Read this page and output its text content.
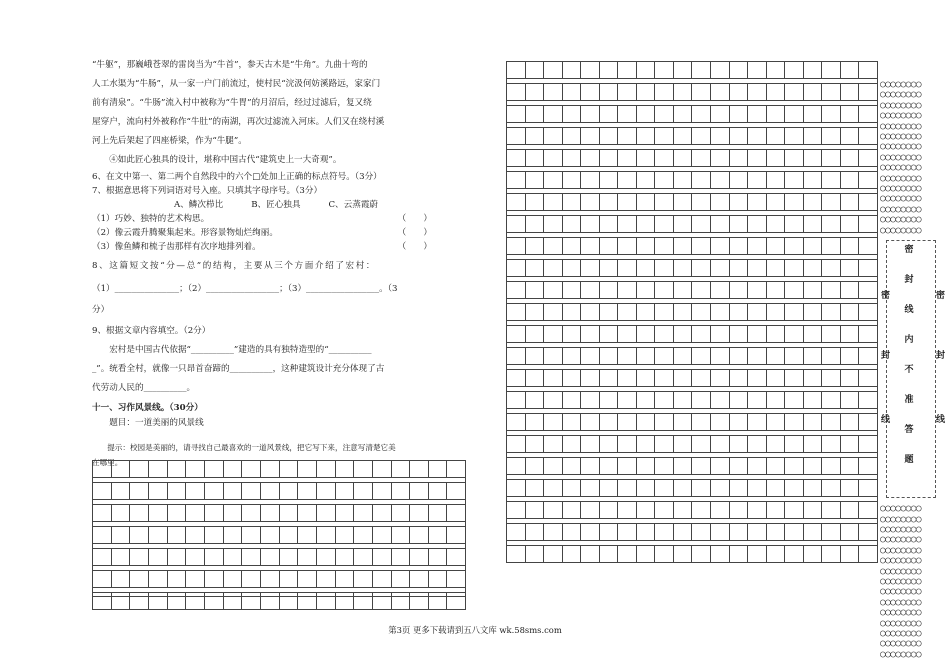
“牛躯”，那巍峨苍翠的雷岗当为“牛首”，参天古木是“牛角”。九曲十弯的
人工水渠为“牛肠”，从一家一户门前流过，使村民“浣汲何妨溪路远，家家门
前有清泉”。“牛肠”流入村中被称为“牛胃”的月沼后，经过过滤后，复又绕
屋穿户，流向村外被称作“牛肚”的南湖，再次过滤流入河床。人们又在绕村溪
河上先后架起了四座桥梁，作为“牛腿”。
④如此匠心独具的设计，堪称中国古代“建筑史上一大奇观”。
6、在文中第一、第二两个自然段中的六个□处加上正确的标点符号。（3分）
7、根据意思将下列词语对号入座。只填其字母序号。（3分）
A、鳞次栉比	B、匠心独具	C、云蒸霞蔚
（1）巧妙、独特的艺术构思。	（　　）
（2）像云霞升腾聚集起来。形容景物灿烂绚丽。	（　　）
（3）像鱼鳞和梳子齿那样有次序地排列着。	（　　）
8、这篇短文按“分—总”的结构，主要从三个方面介绍了宏村：
（1）_______________；（2）_________________；（3）_________________。（3
分）
9、根据文章内容填空。（2分）
宏村是中国古代依据“__________”建造的具有独特造型的“__________
_”。统看全村，就像一只昂首奋蹄的__________，这种建筑设计充分体现了古
代劳动人民的__________。
十一、习作风景线。（30分）
题目：一道美丽的风景线
提示：校园是美丽的，请寻找自己最喜欢的一道风景线，把它写下来，注意写清楚它美
在哪里。
○○○○○○○○
○○○○○○○○
○○○○○○○○
○○○○○○○○
○○○○○○○○
○○○○○○○○
○○○○○○○○
○○○○○○○○
○○○○○○○○
○○○○○○○○
○○○○○○○○
○○○○○○○○
○○○○○○○○
○○○○○○○○
○○○○○○○○
密
封
线
密
封
线
密
封
线
内
不
准
答
题
○○○○○○○○
○○○○○○○○
○○○○○○○○
○○○○○○○○
○○○○○○○○
○○○○○○○○
○○○○○○○○
○○○○○○○○
○○○○○○○○
○○○○○○○○
○○○○○○○○
○○○○○○○○
○○○○○○○○
○○○○○○○○
○○○○○○○○
第3页 更多下载请到五八文库 wk.58sms.com
